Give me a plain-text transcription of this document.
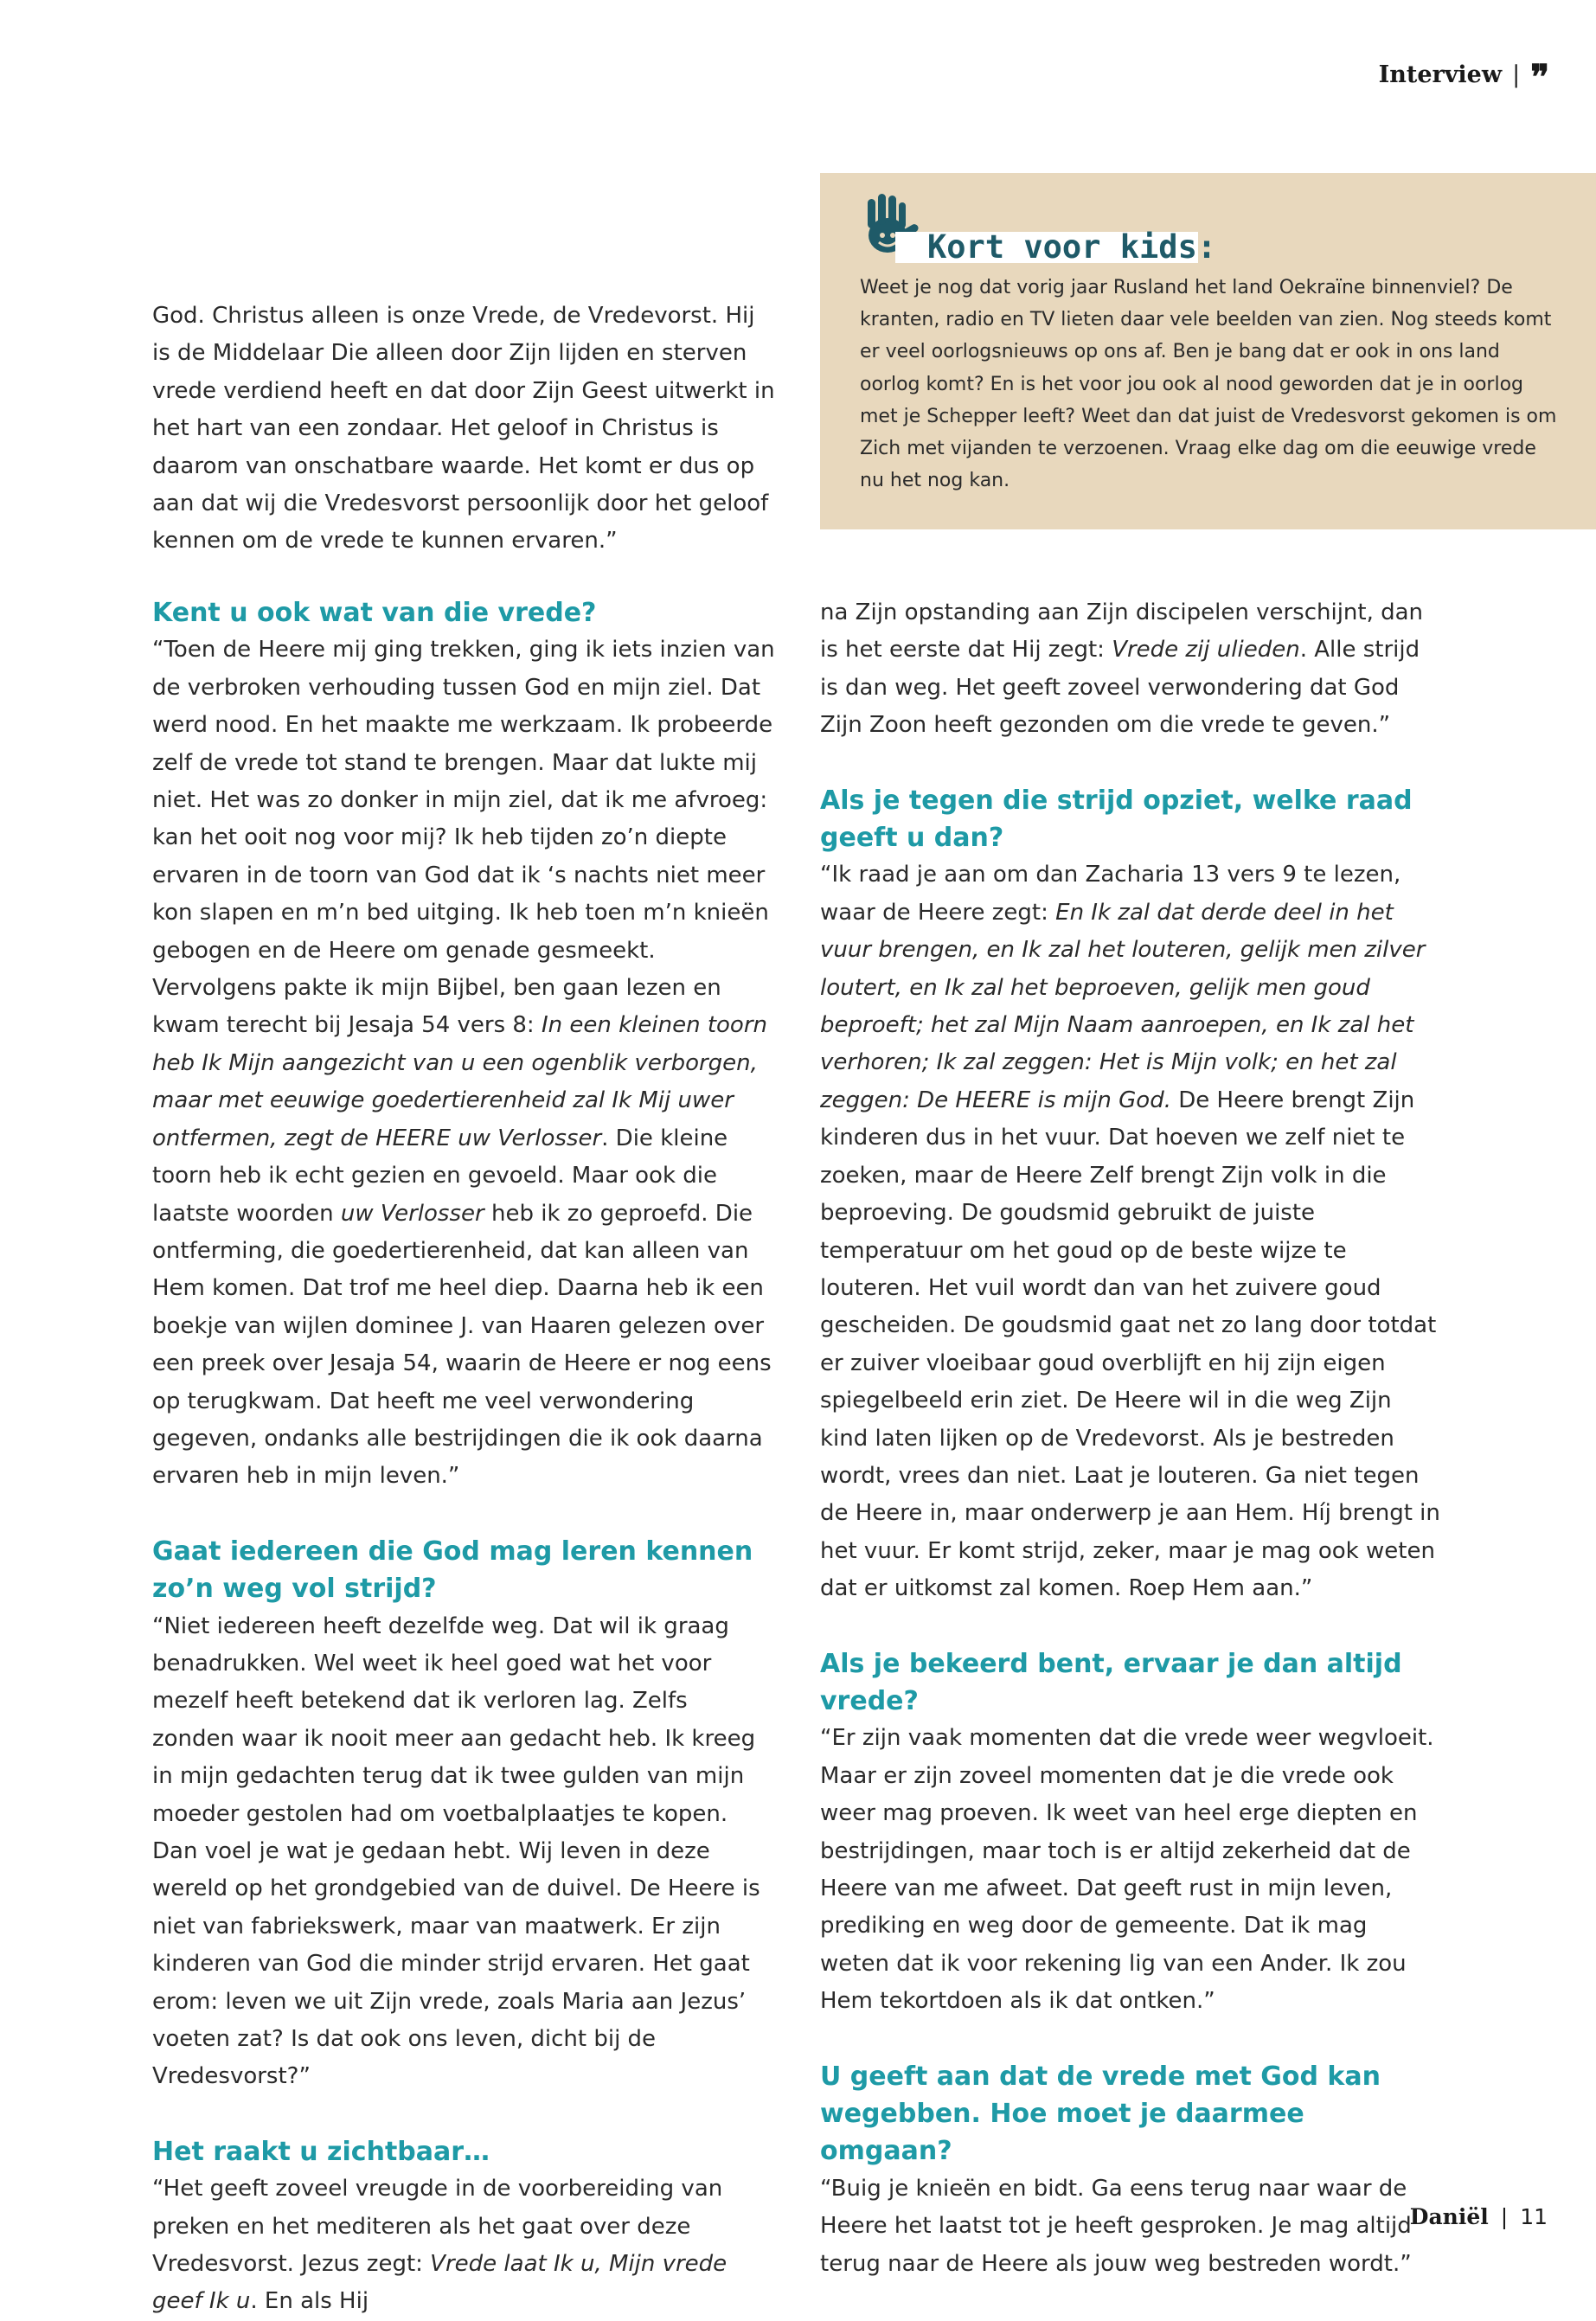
Interview | ❜❜
Kort voor kids:
Weet je nog dat vorig jaar Rusland het land Oekraïne binnenviel? De kranten, radio en TV lieten daar vele beelden van zien. Nog steeds komt er veel oorlogsnieuws op ons af. Ben je bang dat er ook in ons land oorlog komt? En is het voor jou ook al nood geworden dat je in oorlog met je Schepper leeft? Weet dan dat juist de Vredesvorst gekomen is om Zich met vijanden te verzoenen. Vraag elke dag om die eeuwige vrede nu het nog kan.

God. Christus alleen is onze Vrede, de Vredevorst. Hij is de Middelaar Die alleen door Zijn lijden en sterven vrede verdiend heeft en dat door Zijn Geest uitwerkt in het hart van een zondaar. Het geloof in Christus is daarom van onschatbare waarde. Het komt er dus op aan dat wij die Vredesvorst persoonlijk door het geloof kennen om de vrede te kunnen ervaren.”

Kent u ook wat van die vrede?

“Toen de Heere mij ging trekken, ging ik iets inzien van de verbroken verhouding tussen God en mijn ziel. Dat werd nood. En het maakte me werkzaam. Ik probeerde zelf de vrede tot stand te brengen. Maar dat lukte mij niet. Het was zo donker in mijn ziel, dat ik me afvroeg: kan het ooit nog voor mij? Ik heb tijden zo’n diepte ervaren in de toorn van God dat ik ‘s nachts niet meer kon slapen en m’n bed uitging. Ik heb toen m’n knieën gebogen en de Heere om genade gesmeekt. Vervolgens pakte ik mijn Bijbel, ben gaan lezen en kwam terecht bij Jesaja 54 vers 8: In een kleinen toorn heb Ik Mijn aangezicht van u een ogenblik verborgen, maar met eeuwige goedertierenheid zal Ik Mij uwer ontfermen, zegt de HEERE uw Verlosser. Die kleine toorn heb ik echt gezien en gevoeld. Maar ook die laatste woorden uw Verlosser heb ik zo geproefd. Die ontferming, die goedertierenheid, dat kan alleen van Hem komen. Dat trof me heel diep. Daarna heb ik een boekje van wijlen dominee J. van Haaren gelezen over een preek over Jesaja 54, waarin de Heere er nog eens op terugkwam. Dat heeft me veel verwondering gegeven, ondanks alle bestrijdingen die ik ook daarna ervaren heb in mijn leven.”

Gaat iedereen die God mag leren kennen zo’n weg vol strijd?

“Niet iedereen heeft dezelfde weg. Dat wil ik graag benadrukken. Wel weet ik heel goed wat het voor mezelf heeft betekend dat ik verloren lag. Zelfs zonden waar ik nooit meer aan gedacht heb. Ik kreeg in mijn gedachten terug dat ik twee gulden van mijn moeder gestolen had om voetbalplaatjes te kopen. Dan voel je wat je gedaan hebt. Wij leven in deze wereld op het grondgebied van de duivel. De Heere is niet van fabriekswerk, maar van maatwerk. Er zijn kinderen van God die minder strijd ervaren. Het gaat erom: leven we uit Zijn vrede, zoals Maria aan Jezus’ voeten zat? Is dat ook ons leven, dicht bij de Vredesvorst?”

Het raakt u zichtbaar…

“Het geeft zoveel vreugde in de voorbereiding van preken en het mediteren als het gaat over deze Vredesvorst. Jezus zegt: Vrede laat Ik u, Mijn vrede geef Ik u. En als Hij

na Zijn opstanding aan Zijn discipelen verschijnt, dan is het eerste dat Hij zegt: Vrede zij ulieden. Alle strijd is dan weg. Het geeft zoveel verwondering dat God Zijn Zoon heeft gezonden om die vrede te geven.”

Als je tegen die strijd opziet, welke raad geeft u dan?

“Ik raad je aan om dan Zacharia 13 vers 9 te lezen, waar de Heere zegt: En Ik zal dat derde deel in het vuur brengen, en Ik zal het louteren, gelijk men zilver loutert, en Ik zal het beproeven, gelijk men goud beproeft; het zal Mijn Naam aanroepen, en Ik zal het verhoren; Ik zal zeggen: Het is Mijn volk; en het zal zeggen: De HEERE is mijn God. De Heere brengt Zijn kinderen dus in het vuur. Dat hoeven we zelf niet te zoeken, maar de Heere Zelf brengt Zijn volk in die beproeving. De goudsmid gebruikt de juiste temperatuur om het goud op de beste wijze te louteren. Het vuil wordt dan van het zuivere goud gescheiden. De goudsmid gaat net zo lang door totdat er zuiver vloeibaar goud overblijft en hij zijn eigen spiegelbeeld erin ziet. De Heere wil in die weg Zijn kind laten lijken op de Vredevorst. Als je bestreden wordt, vrees dan niet. Laat je louteren. Ga niet tegen de Heere in, maar onderwerp je aan Hem. Híj brengt in het vuur. Er komt strijd, zeker, maar je mag ook weten dat er uitkomst zal komen. Roep Hem aan.”

Als je bekeerd bent, ervaar je dan altijd vrede?

“Er zijn vaak momenten dat die vrede weer wegvloeit. Maar er zijn zoveel momenten dat je die vrede ook weer mag proeven. Ik weet van heel erge diepten en bestrijdingen, maar toch is er altijd zekerheid dat de Heere van me afweet. Dat geeft rust in mijn leven, prediking en weg door de gemeente. Dat ik mag weten dat ik voor rekening lig van een Ander. Ik zou Hem tekortdoen als ik dat ontken.”

U geeft aan dat de vrede met God kan wegebben. Hoe moet je daarmee omgaan?

“Buig je knieën en bidt. Ga eens terug naar waar de Heere het laatst tot je heeft gesproken. Je mag altijd terug naar de Heere als jouw weg bestreden wordt.”

Daniël | 11
